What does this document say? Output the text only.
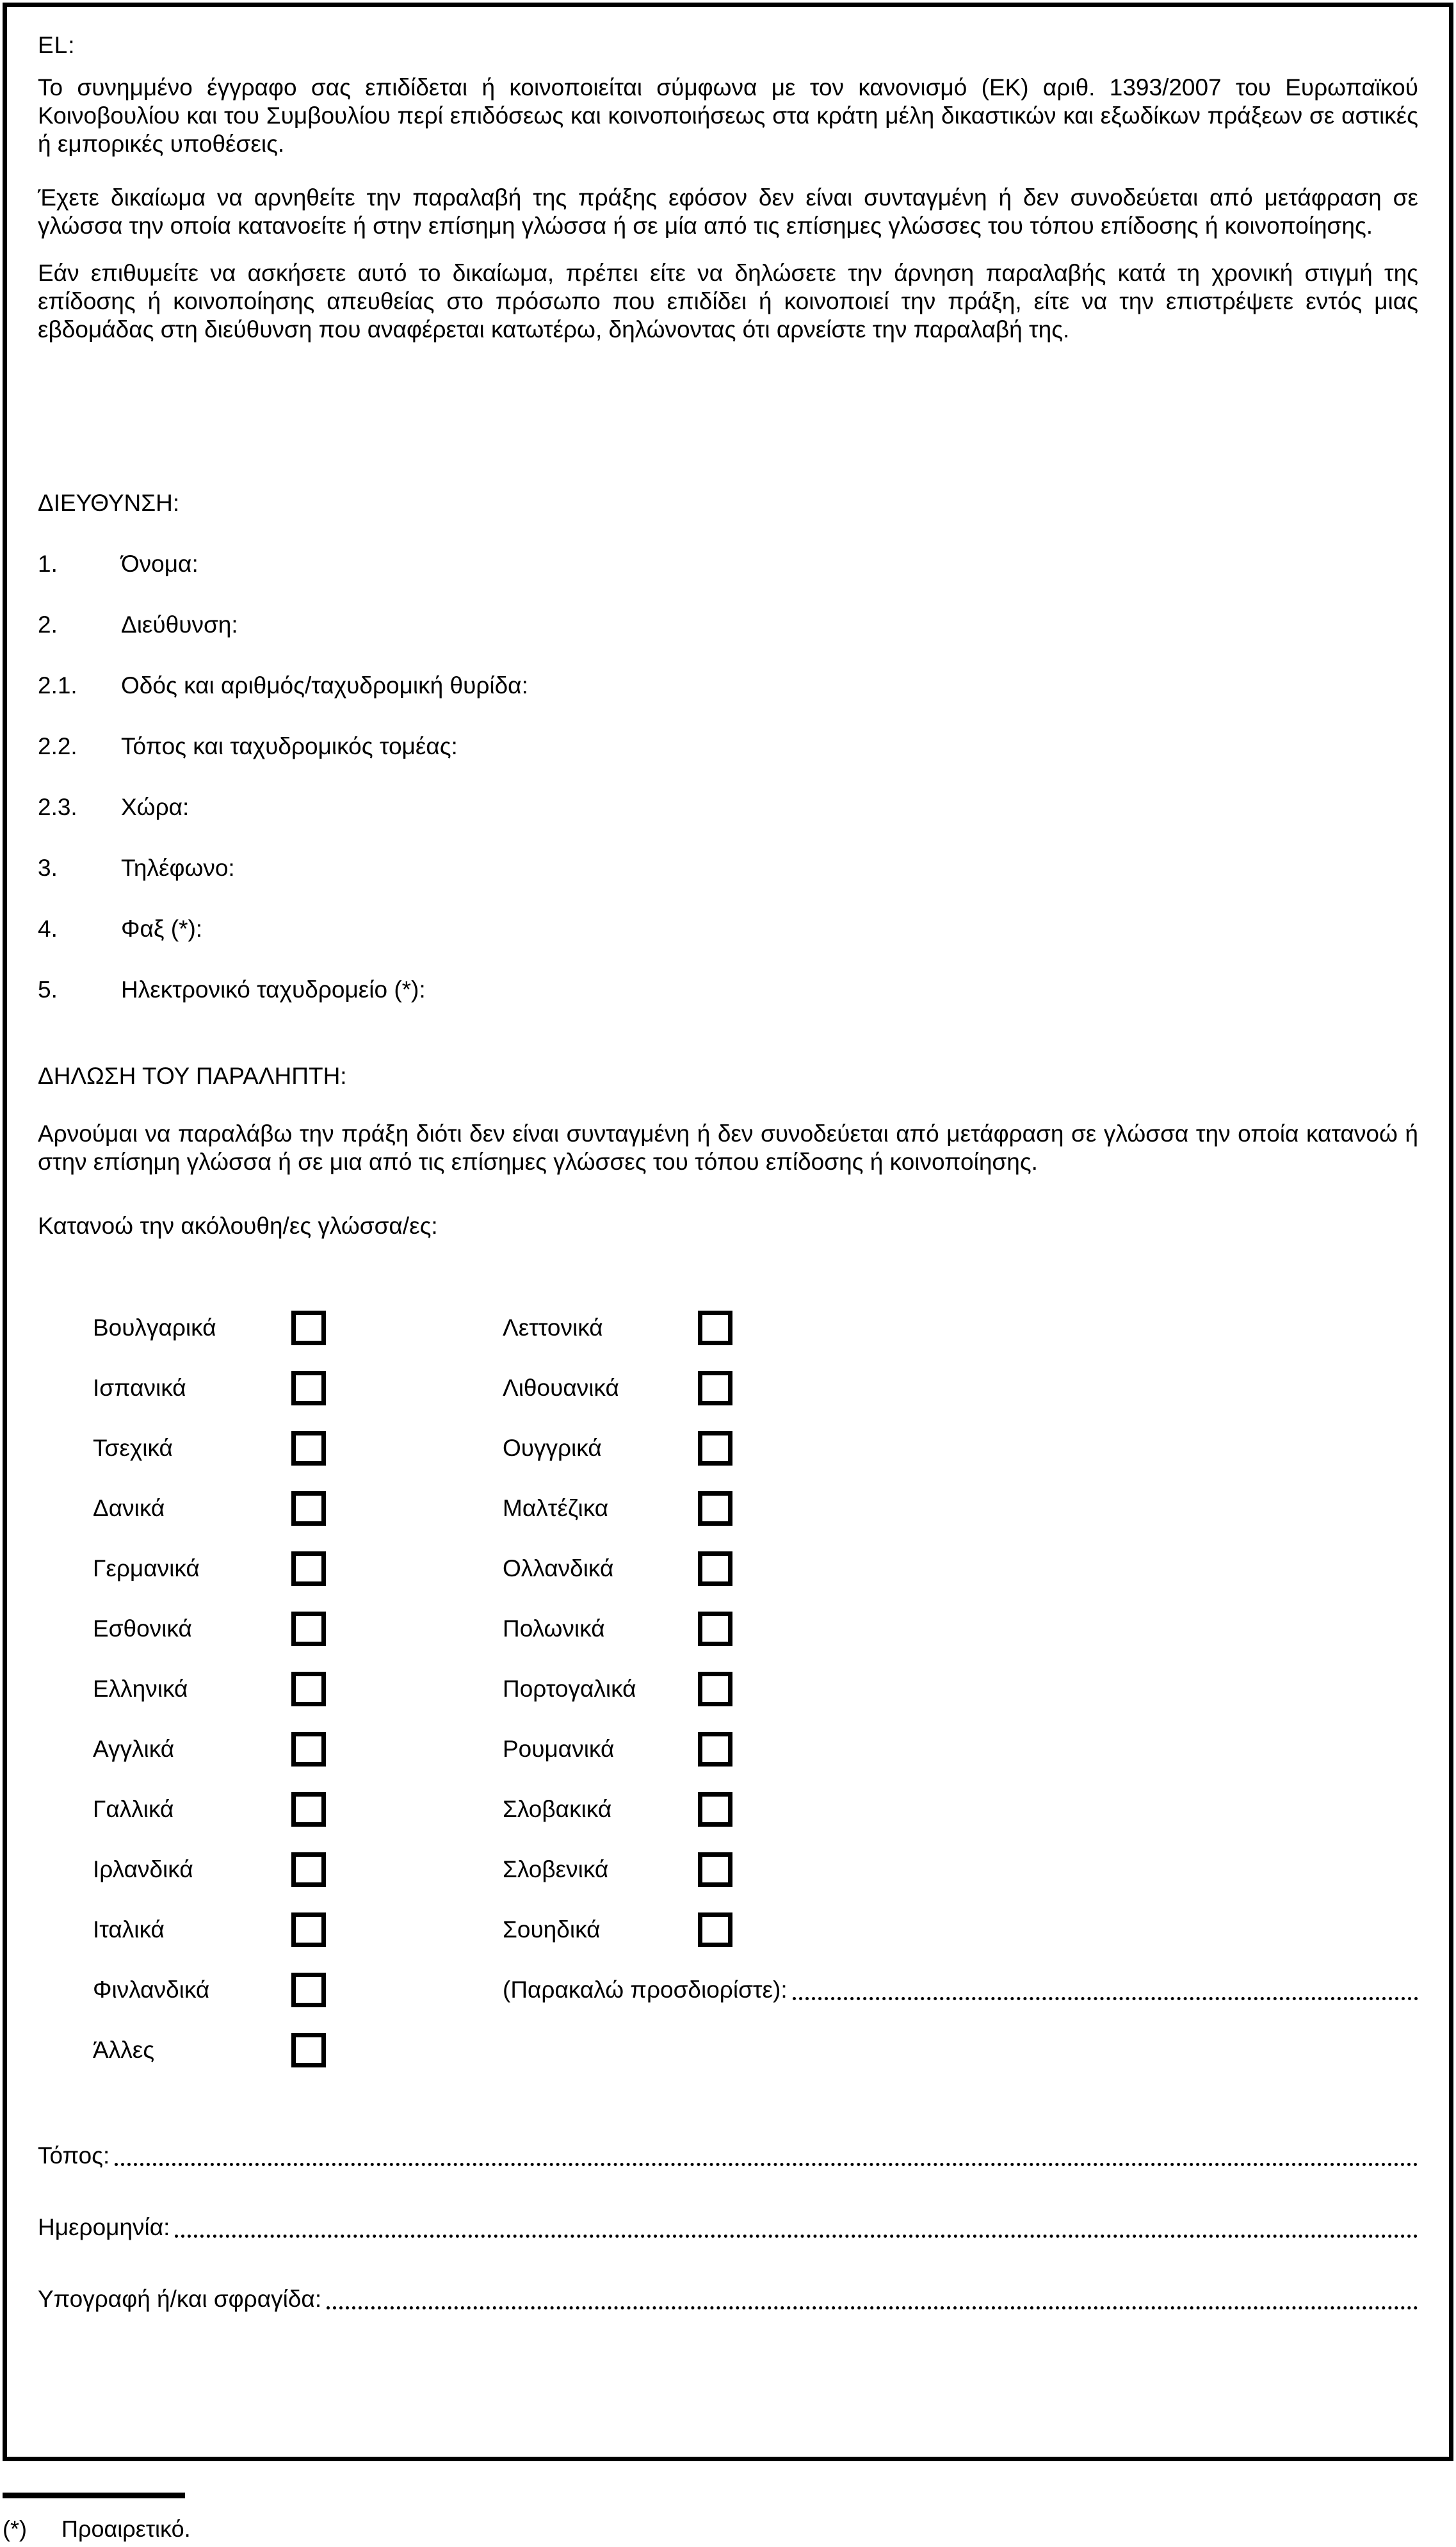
EL:

Το συνημμένο έγγραφο σας επιδίδεται ή κοινοποιείται σύμφωνα με τον κανονισμό (ΕΚ) αριθ. 1393/2007 του Ευρωπαϊκού Κοινοβουλίου και του Συμβουλίου περί επιδόσεως και κοινοποιήσεως στα κράτη μέλη δικαστικών και εξωδίκων πράξεων σε αστικές ή εμπορικές υποθέσεις.

Έχετε δικαίωμα να αρνηθείτε την παραλαβή της πράξης εφόσον δεν είναι συνταγμένη ή δεν συνοδεύεται από μετάφραση σε γλώσσα την οποία κατανοείτε ή στην επίσημη γλώσσα ή σε μία από τις επίσημες γλώσσες του τόπου επίδοσης ή κοινοποίησης.

Εάν επιθυμείτε να ασκήσετε αυτό το δικαίωμα, πρέπει είτε να δηλώσετε την άρνηση παραλαβής κατά τη χρονική στιγμή της επίδοσης ή κοινοποίησης απευθείας στο πρόσωπο που επιδίδει ή κοινοποιεί την πράξη, είτε να την επιστρέψετε εντός μιας εβδομάδας στη διεύθυνση που αναφέρεται κατωτέρω, δηλώνοντας ότι αρνείστε την παραλαβή της.

ΔΙΕΥΘΥΝΣΗ:
1.	Όνομα:
2.	Διεύθυνση:
2.1.	Οδός και αριθμός/ταχυδρομική θυρίδα:
2.2.	Τόπος και ταχυδρομικός τομέας:
2.3.	Χώρα:
3.	Τηλέφωνο:
4.	Φαξ (*):
5.	Ηλεκτρονικό ταχυδρομείο (*):
ΔΗΛΩΣΗ ΤΟΥ ΠΑΡΑΛΗΠΤΗ:

Αρνούμαι να παραλάβω την πράξη διότι δεν είναι συνταγμένη ή δεν συνοδεύεται από μετάφραση σε γλώσσα την οποία κατανοώ ή στην επίσημη γλώσσα ή σε μια από τις επίσημες γλώσσες του τόπου επίδοσης ή κοινοποίησης.

Κατανοώ την ακόλουθη/ες γλώσσα/ες:
Βουλγαρικά	Λεττονικά
Ισπανικά	Λιθουανικά
Τσεχικά	Ουγγρικά
Δανικά	Μαλτέζικα
Γερμανικά	Ολλανδικά
Εσθονικά	Πολωνικά
Ελληνικά	Πορτογαλικά
Αγγλικά	Ρουμανικά
Γαλλικά	Σλοβακικά
Ιρλανδικά	Σλοβενικά
Ιταλικά	Σουηδικά
Φινλανδικά	(Παρακαλώ προσδιορίστε):
Άλλες
Τόπος:
Ημερομηνία:
Υπογραφή ή/και σφραγίδα:
(*)	Προαιρετικό.
